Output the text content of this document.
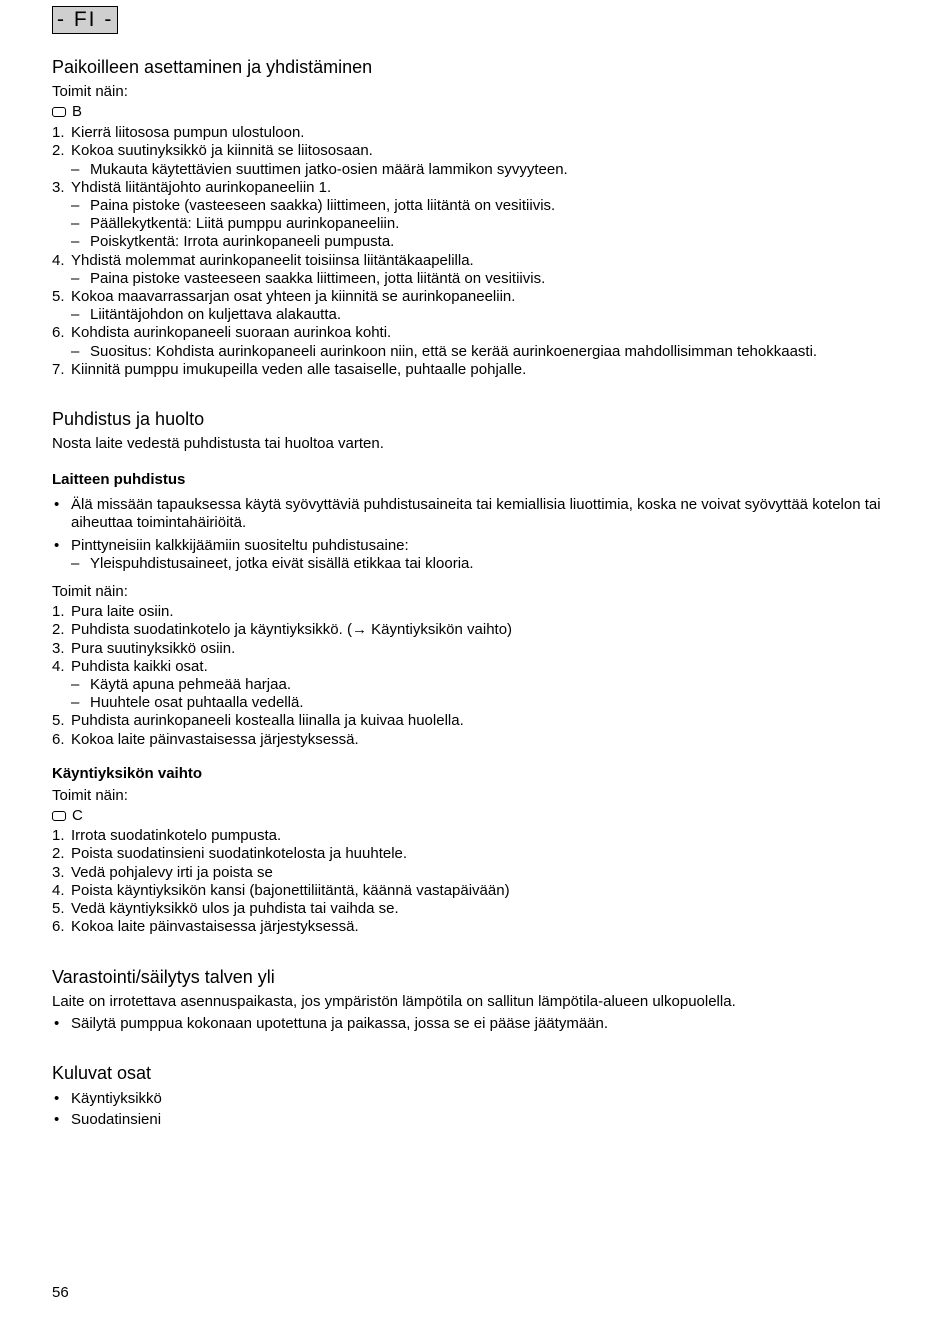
- FI -
Paikoilleen asettaminen ja yhdistäminen

Toimit näin:

B
1. Kierrä liitososa pumpun ulostuloon.
2. Kokoa suutinyksikkö ja kiinnitä se liitososaan.
– Mukauta käytettävien suuttimen jatko-osien määrä lammikon syvyyteen.
3. Yhdistä liitäntäjohto aurinkopaneeliin 1.
– Paina pistoke (vasteeseen saakka) liittimeen, jotta liitäntä on vesitiivis.
– Päällekytkentä: Liitä pumppu aurinkopaneeliin.
– Poiskytkentä: Irrota aurinkopaneeli pumpusta.
4. Yhdistä molemmat aurinkopaneelit toisiinsa liitäntäkaapelilla.
– Paina pistoke vasteeseen saakka liittimeen, jotta liitäntä on vesitiivis.
5. Kokoa maavarrassarjan osat yhteen ja kiinnitä se aurinkopaneeliin.
– Liitäntäjohdon on kuljettava alakautta.
6. Kohdista aurinkopaneeli suoraan aurinkoa kohti.
– Suositus: Kohdista aurinkopaneeli aurinkoon niin, että se kerää aurinkoenergiaa mahdollisimman tehokkaasti.
7. Kiinnitä pumppu imukupeilla veden alle tasaiselle, puhtaalle pohjalle.
Puhdistus ja huolto

Nosta laite vedestä puhdistusta tai huoltoa varten.

Laitteen puhdistus
• Älä missään tapauksessa käytä syövyttäviä puhdistusaineita tai kemiallisia liuottimia, koska ne voivat syövyttää kotelon tai aiheuttaa toimintahäiriöitä.
• Pinttyneisiin kalkkijäämiin suositeltu puhdistusaine:
– Yleispuhdistusaineet, jotka eivät sisällä etikkaa tai klooria.

Toimit näin:

1. Pura laite osiin.
2. Puhdista suodatinkotelo ja käyntiyksikkö. (→ Käyntiyksikön vaihto)
3. Pura suutinyksikkö osiin.
4. Puhdista kaikki osat.
– Käytä apuna pehmeää harjaa.
– Huuhtele osat puhtaalla vedellä.
5. Puhdista aurinkopaneeli kostealla liinalla ja kuivaa huolella.
6. Kokoa laite päinvastaisessa järjestyksessä.
Käyntiyksikön vaihto

Toimit näin:

C
1. Irrota suodatinkotelo pumpusta.
2. Poista suodatinsieni suodatinkotelosta ja huuhtele.
3. Vedä pohjalevy irti ja poista se
4. Poista käyntiyksikön kansi (bajonettiliitäntä, käännä vastapäivään)
5. Vedä käyntiyksikkö ulos ja puhdista tai vaihda se.
6. Kokoa laite päinvastaisessa järjestyksessä.
Varastointi/säilytys talven yli

Laite on irrotettava asennuspaikasta, jos ympäristön lämpötila on sallitun lämpötila-alueen ulkopuolella.

• Säilytä pumppua kokonaan upotettuna ja paikassa, jossa se ei pääse jäätymään.
Kuluvat osat
• Käyntiyksikkö
• Suodatinsieni
56
